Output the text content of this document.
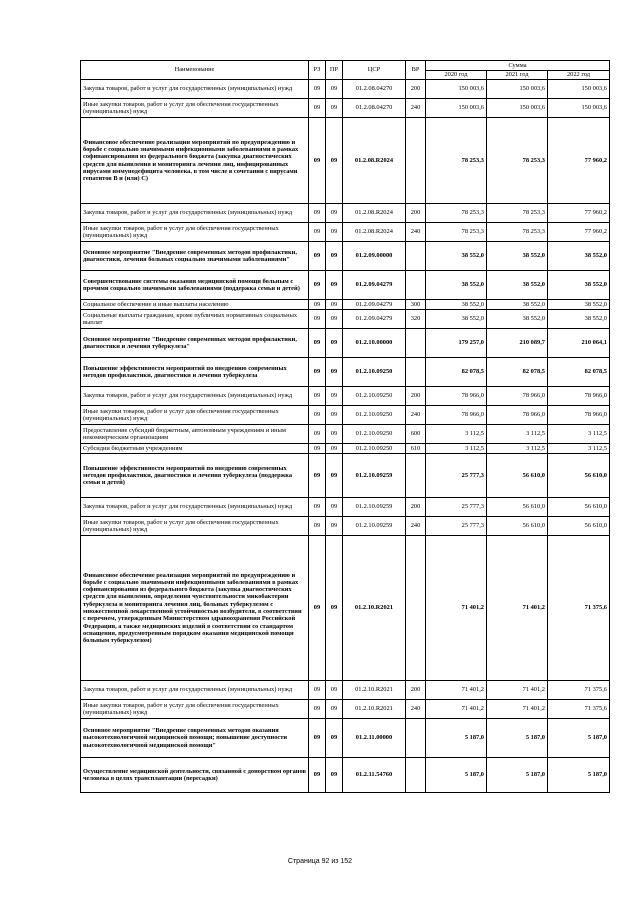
Наименование	РЗ	ПР	ЦСР	ВР	Сумма		
					2020 год	2021 год	2022 год
Закупка товаров, работ и услуг для государственных (муниципальных) нужд	09	09	01.2.08.04270	200	150 003,6	150 003,6	150 003,6
Иные закупки товаров, работ и услуг для обеспечения государственных (муниципальных) нужд	09	09	01.2.08.04270	240	150 003,6	150 003,6	150 003,6
Финансовое обеспечение реализации мероприятий по предупреждению и борьбе с социально значимыми инфекционными заболеваниями в рамках софинансирования из федерального бюджета (закупка диагностических средств для выявления и мониторинга лечения лиц, инфицированных вирусами иммунодефицита человека, в том числе в сочетании с вирусами гепатитов B и (или) C)	09	09	01.2.08.R2024		78 253,3	78 253,3	77 960,2
Закупка товаров, работ и услуг для государственных (муниципальных) нужд	09	09	01.2.08.R2024	200	78 253,3	78 253,3	77 960,2
Иные закупки товаров, работ и услуг для обеспечения государственных (муниципальных) нужд	09	09	01.2.08.R2024	240	78 253,3	78 253,3	77 960,2
Основное мероприятие "Внедрение современных методов профилактики, диагностики, лечения больных социально значимыми заболеваниями"	09	09	01.2.09.00000		38 552,0	38 552,0	38 552,0
Совершенствование системы оказания медицинской помощи больным с прочими социально значимыми заболеваниями (поддержка семьи и детей)	09	09	01.2.09.04279		38 552,0	38 552,0	38 552,0
Социальное обеспечение и иные выплаты населению	09	09	01.2.09.04279	300	38 552,0	38 552,0	38 552,0
Социальные выплаты гражданам, кроме публичных нормативных социальных выплат	09	09	01.2.09.04279	320	38 552,0	38 552,0	38 552,0
Основное мероприятие "Внедрение современных методов профилактики, диагностики и лечения туберкулеза"	09	09	01.2.10.00000		179 257,0	210 089,7	210 064,1
Повышение эффективности мероприятий по внедрению современных методов профилактики, диагностики и лечения туберкулеза	09	09	01.2.10.09250		82 078,5	82 078,5	82 078,5
Закупка товаров, работ и услуг для государственных (муниципальных) нужд	09	09	01.2.10.09250	200	78 966,0	78 966,0	78 966,0
Иные закупки товаров, работ и услуг для обеспечения государственных (муниципальных) нужд	09	09	01.2.10.09250	240	78 966,0	78 966,0	78 966,0
Предоставление субсидий бюджетным, автономным учреждениям и иным некоммерческим организациям	09	09	01.2.10.09250	600	3 112,5	3 112,5	3 112,5
Субсидии бюджетным учреждениям	09	09	01.2.10.09250	610	3 112,5	3 112,5	3 112,5
Повышение эффективности мероприятий по внедрению современных методов профилактики, диагностики и лечения туберкулеза (поддержка семьи и детей)	09	09	01.2.10.09259		25 777,3	56 610,0	56 610,0
Закупка товаров, работ и услуг для государственных (муниципальных) нужд	09	09	01.2.10.09259	200	25 777,3	56 610,0	56 610,0
Иные закупки товаров, работ и услуг для обеспечения государственных (муниципальных) нужд	09	09	01.2.10.09259	240	25 777,3	56 610,0	56 610,0
Финансовое обеспечение реализации мероприятий по предупреждению и борьбе с социально значимыми инфекционными заболеваниями в рамках софинансирования из федерального бюджета (закупка диагностических средств для выявления, определения чувствительности микобактерии туберкулеза и мониторинга лечения лиц, больных туберкулезом с множественной лекарственной устойчивостью возбудителя, в соответствии с перечнем, утвержденным Министерством здравоохранения Российской Федерации, а также медицинских изделий в соответствии со стандартом оснащения, предусмотренным порядком оказания медицинской помощи больным туберкулезом)	09	09	01.2.10.R2021		71 401,2	71 401,2	71 375,6
Закупка товаров, работ и услуг для государственных (муниципальных) нужд	09	09	01.2.10.R2021	200	71 401,2	71 401,2	71 375,6
Иные закупки товаров, работ и услуг для обеспечения государственных (муниципальных) нужд	09	09	01.2.10.R2021	240	71 401,2	71 401,2	71 375,6
Основное мероприятие "Внедрение современных методов оказания высокотехнологичной медицинской помощи; повышение доступности высокотехнологичной медицинской помощи"	09	09	01.2.11.00000		5 187,0	5 187,0	5 187,0
Осуществление медицинской деятельности, связанной с донорством органов человека в целях трансплантации (пересадки)	09	09	01.2.11.54760		5 187,0	5 187,0	5 187,0
Страница 92 из 152
